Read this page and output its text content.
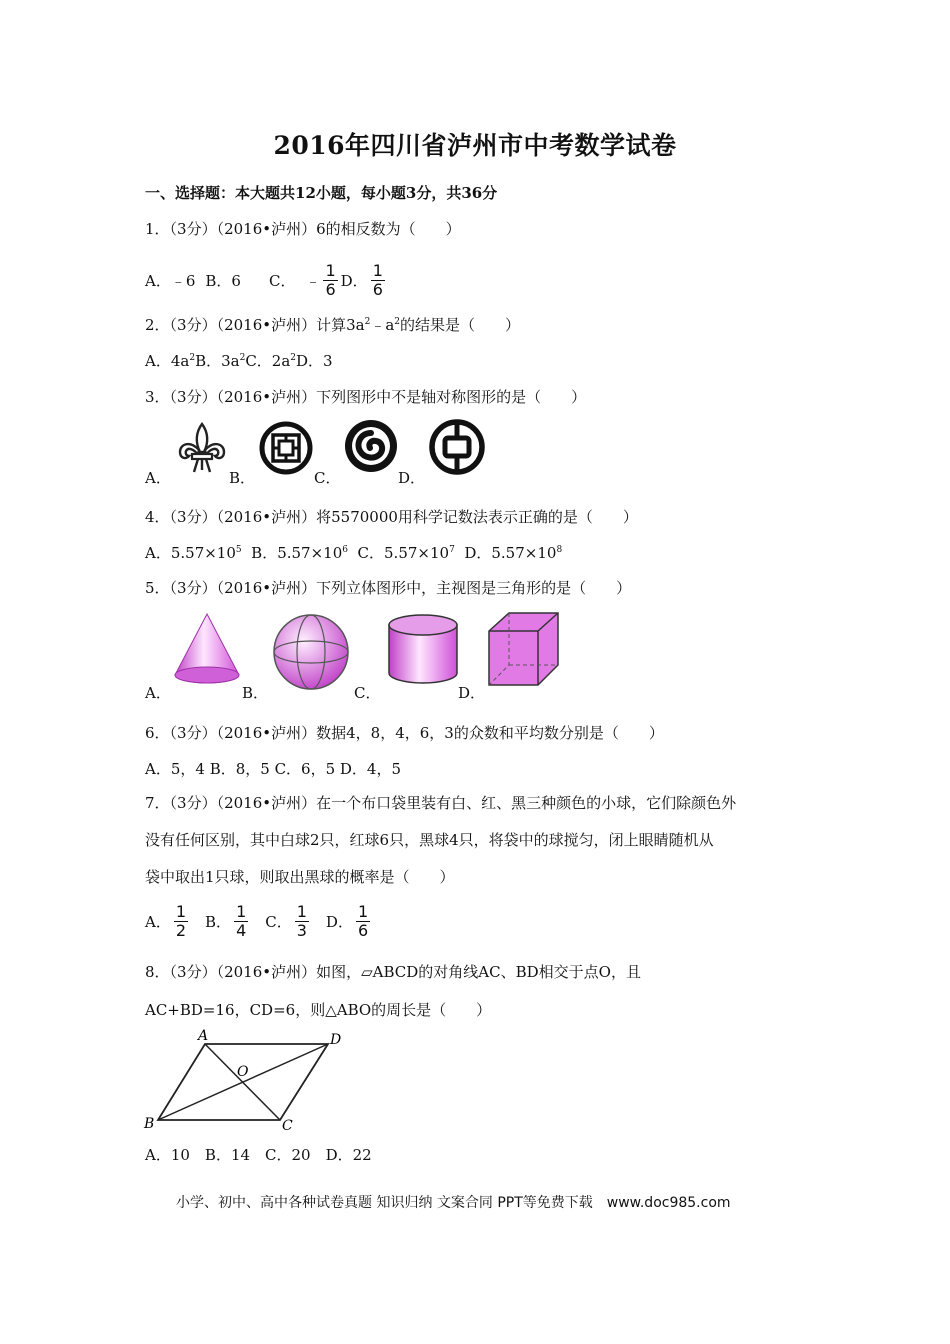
2016年四川省泸州市中考数学试卷
一、选择题：本大题共12小题，每小题3分，共36分
1．（3分）（2016•泸州）6的相反数为（　　）
A．﹣6 B．6 C． ﹣ $\frac{1}{6}$ D． $\frac{1}{6}$
2．（3分）（2016•泸州）计算$3a^2﹣a^2$的结果是（　　）
A．$4a^2B$．$3a^2C$．$2a^2D$．3
3．（3分）（2016•泸州）下列图形中不是轴对称图形的是（　　）
A．	B．	C．	D．
4．（3分）（2016•泸州）将5570000用科学记数法表示正确的是（　　）
A．$5.57\times 10^5$ B．$5.57\times 10^6$ C．$5.57\times 10^7$ D．$5.57\times 10^8$
5．（3分）（2016•泸州）下列立体图形中，主视图是三角形的是（　　）
A．	B．	C．	D．
6．（3分）（2016•泸州）数据4，8，4，6，3的众数和平均数分别是（　　）
A．5，4 B．8，5 C．6，5 D．4，5
7．（3分）（2016•泸州）在一个布口袋里装有白、红、黑三种颜色的小球，它们除颜色外
没有任何区别，其中白球2只，红球6只，黑球4只，将袋中的球搅匀，闭上眼睛随机从
袋中取出1只球，则取出黑球的概率是（　　）
A． $\frac{1}{2}$ B． $\frac{1}{4}$ C． $\frac{1}{3}$ D． $\frac{1}{6}$
8．（3分）（2016•泸州）如图，▱ABCD的对角线AC、BD相交于点O，且
AC+BD=16，CD=6，则△ABO的周长是（　　）
A	D
B	C
O
A．10　B．14　C．20　D．22
小学、初中、高中各种试卷真题 知识归纳 文案合同 PPT等免费下载　www.doc985.com
